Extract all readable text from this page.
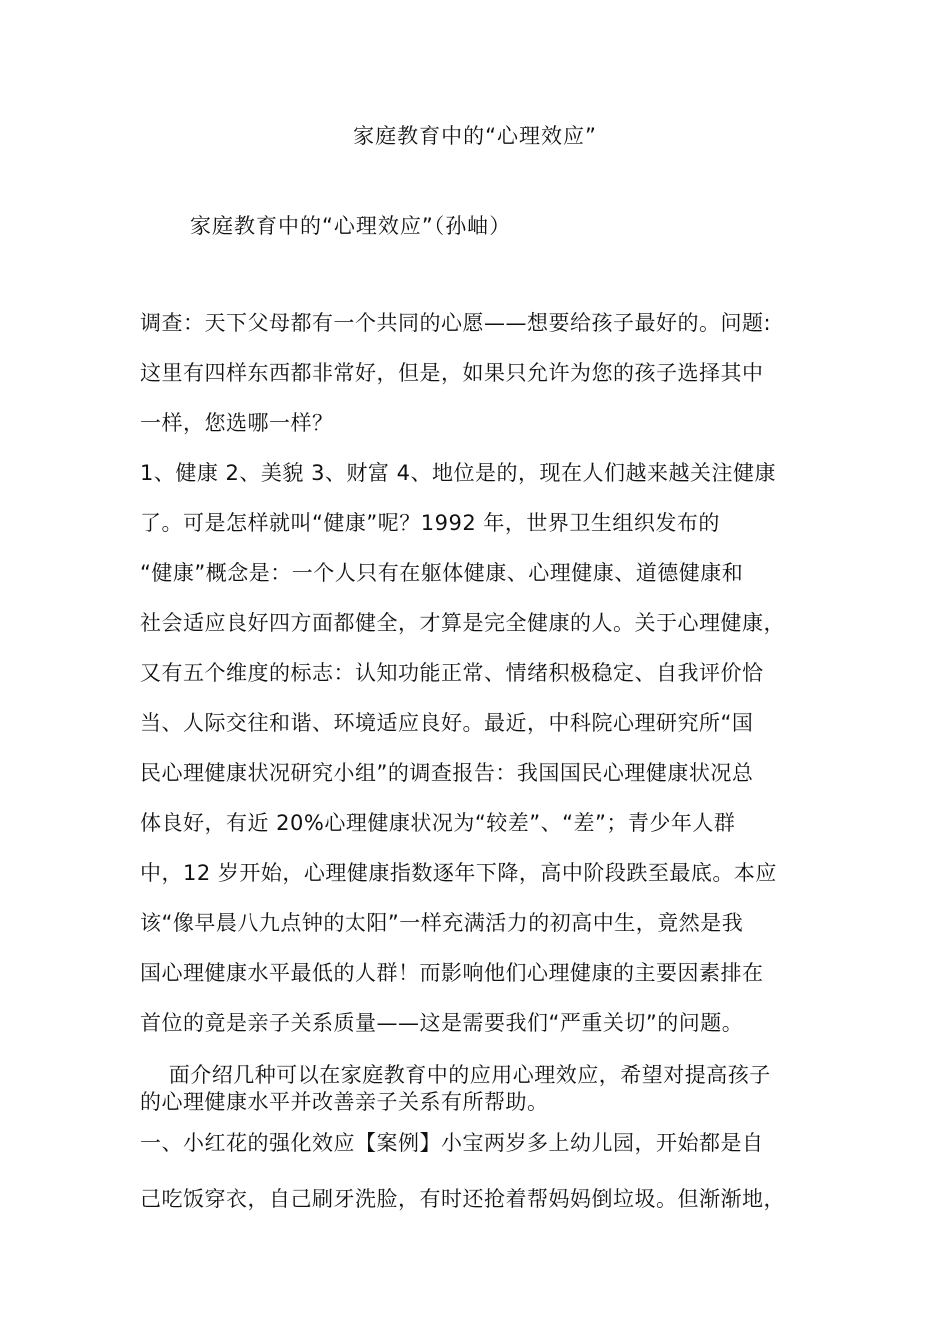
家庭教育中的“心理效应”
家庭教育中的“心理效应”（孙岫）
调查：天下父母都有一个共同的心愿——想要给孩子最好的。问题:
这里有四样东西都非常好，但是，如果只允许为您的孩子选择其中
一样，您选哪一样？
1、健康 2、美貌 3、财富 4、地位是的，现在人们越来越关注健康
了。可是怎样就叫“健康”呢？1992 年，世界卫生组织发布的
“健康”概念是：一个人只有在躯体健康、心理健康、道德健康和
社会适应良好四方面都健全，才算是完全健康的人。关于心理健康，
又有五个维度的标志：认知功能正常、情绪积极稳定、自我评价恰
当、人际交往和谐、环境适应良好。最近，中科院心理研究所“国
民心理健康状况研究小组”的调查报告：我国国民心理健康状况总
体良好，有近 20%心理健康状况为“较差”、“差”；青少年人群
中，12 岁开始，心理健康指数逐年下降，高中阶段跌至最底。本应
该“像早晨八九点钟的太阳”一样充满活力的初高中生，竟然是我
国心理健康水平最低的人群！而影响他们心理健康的主要因素排在
首位的竟是亲子关系质量——这是需要我们“严重关切”的问题。
面介绍几种可以在家庭教育中的应用心理效应，希望对提高孩子
的心理健康水平并改善亲子关系有所帮助。
一、小红花的强化效应【案例】小宝两岁多上幼儿园，开始都是自
己吃饭穿衣，自己刷牙洗脸，有时还抢着帮妈妈倒垃圾。但渐渐地，
